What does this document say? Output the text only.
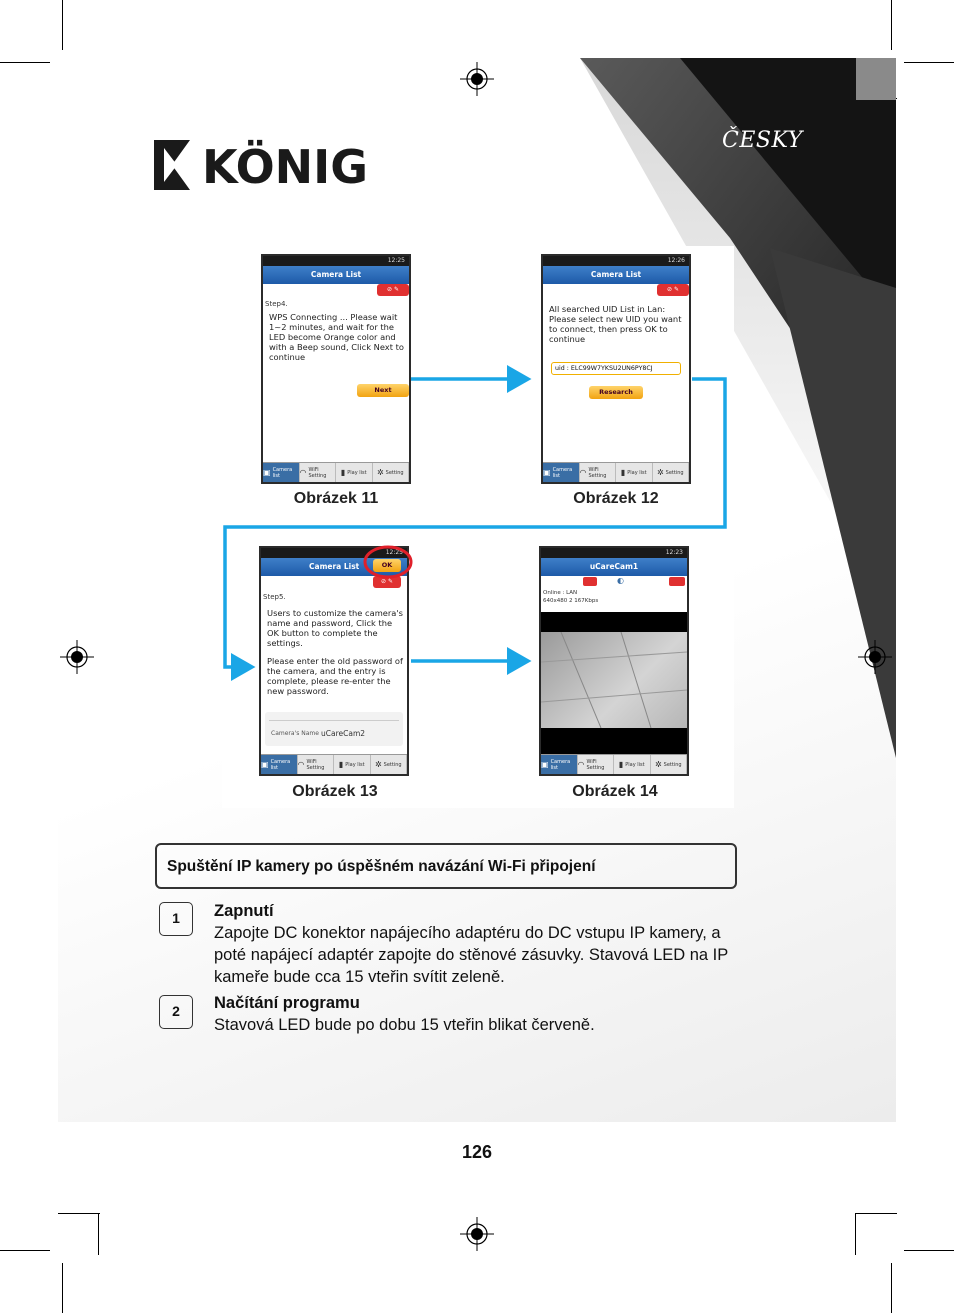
ČESKY
KÖNIG
12:25
Camera List
⊘ ✎
Step4.
WPS Connecting ... Please wait 1~2 minutes, and wait for the LED become Orange color and with a Beep sound, Click Next to continue
Next
▣ Camera list	◠ WiFi Setting	▮ Play list ✲ Setting
Obrázek 11
12:26
Camera List
⊘ ✎
All searched UID List in Lan: Please select new UID you want to connect, then press OK to continue
uid : ELC99W7YKSU2UN6PY8CJ
Research
▣ Camera list	◠ WiFi Setting	▮ Play list ✲ Setting
Obrázek 12
12:25
Camera List	OK
⊘ ✎
Step5.
Users to customize the camera's name and password, Click the OK button to complete the settings.
Please enter the old password of the camera, and the entry is complete, please re-enter the new password.
Camera's Name uCareCam2
▣ Camera list	◠ WiFi Setting	▮ Play list ✲ Setting
Obrázek 13
12:23
uCareCam1
◐
Online : LAN
640x480 2 167Kbps
▣ Camera list	◠ WiFi Setting	▮ Play list ✲ Setting
Obrázek 14
Spuštění IP kamery po úspěšném navázání Wi-Fi připojení
1	Zapnutí
Zapojte DC konektor napájecího adaptéru do DC vstupu IP kamery, a poté napájecí adaptér zapojte do stěnové zásuvky. Stavová LED na IP kameře bude cca 15 vteřin svítit zeleně.
2	Načítání programu
Stavová LED bude po dobu 15 vteřin blikat červeně.
126
